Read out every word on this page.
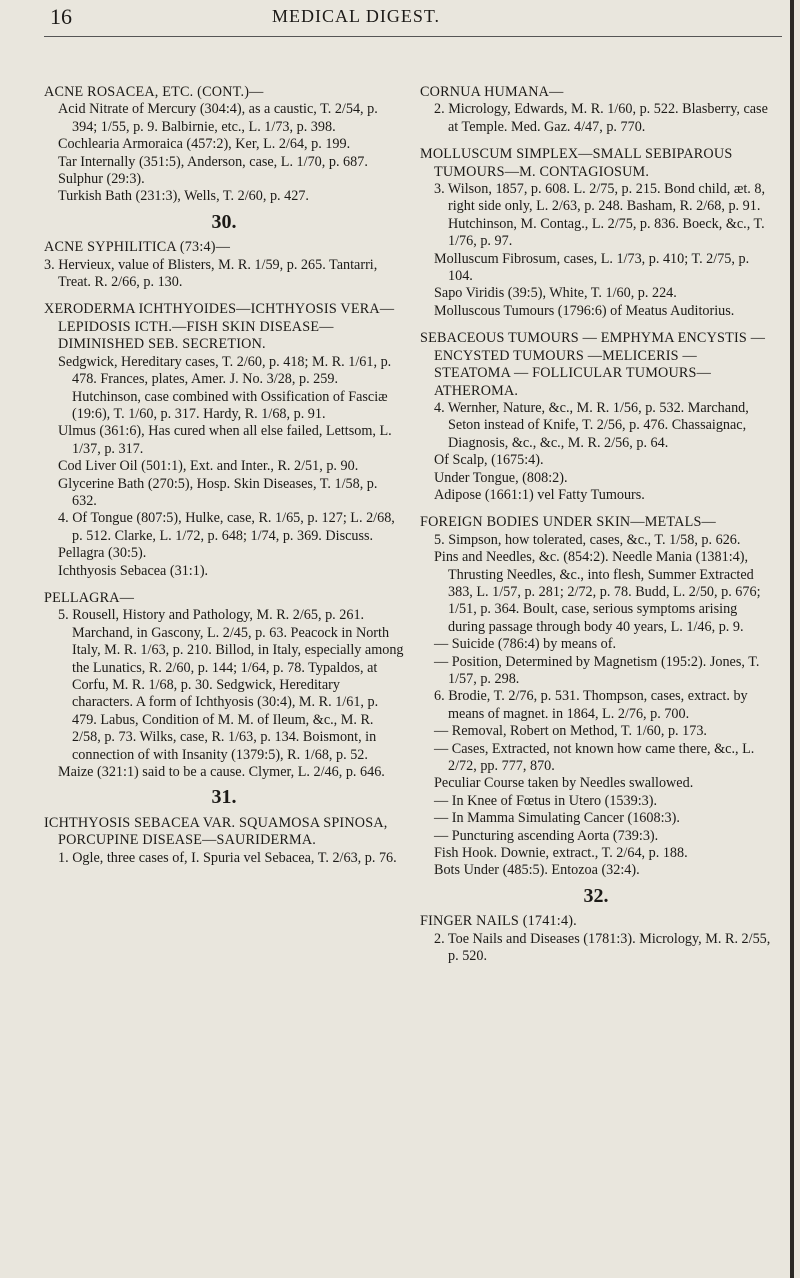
16	MEDICAL DIGEST.

ACNE ROSACEA, ETC. (CONT.)—

Acid Nitrate of Mercury (304:4), as a caustic, T. 2/54, p. 394; 1/55, p. 9. Balbirnie, etc., L. 1/73, p. 398.

Cochlearia Armoraica (457:2), Ker, L. 2/64, p. 199.

Tar Internally (351:5), Anderson, case, L. 1/70, p. 687.

Sulphur (29:3).

Turkish Bath (231:3), Wells, T. 2/60, p. 427.

30.

ACNE SYPHILITICA (73:4)—

3. Hervieux, value of Blisters, M. R. 1/59, p. 265. Tantarri, Treat. R. 2/66, p. 130.

XERODERMA ICHTHYOIDES—ICHTHYOSIS VERA—LEPIDOSIS ICTH.—FISH SKIN DISEASE—DIMINISHED SEB. SECRETION.

Sedgwick, Hereditary cases, T. 2/60, p. 418; M. R. 1/61, p. 478. Frances, plates, Amer. J. No. 3/28, p. 259. Hutchinson, case combined with Ossification of Fasciæ (19:6), T. 1/60, p. 317. Hardy, R. 1/68, p. 91.

Ulmus (361:6), Has cured when all else failed, Lettsom, L. 1/37, p. 317.

Cod Liver Oil (501:1), Ext. and Inter., R. 2/51, p. 90.

Glycerine Bath (270:5), Hosp. Skin Diseases, T. 1/58, p. 632.

4. Of Tongue (807:5), Hulke, case, R. 1/65, p. 127; L. 2/68, p. 512. Clarke, L. 1/72, p. 648; 1/74, p. 369. Discuss.

Pellagra (30:5).

Ichthyosis Sebacea (31:1).

PELLAGRA—

5. Rousell, History and Pathology, M. R. 2/65, p. 261. Marchand, in Gascony, L. 2/45, p. 63. Peacock in North Italy, M. R. 1/63, p. 210. Billod, in Italy, especially among the Lunatics, R. 2/60, p. 144; 1/64, p. 78. Typaldos, at Corfu, M. R. 1/68, p. 30. Sedgwick, Hereditary characters. A form of Ichthyosis (30:4), M. R. 1/61, p. 479. Labus, Condition of M. M. of Ileum, &c., M. R. 2/58, p. 73. Wilks, case, R. 1/63, p. 134. Boismont, in connection of with Insanity (1379:5), R. 1/68, p. 52.

Maize (321:1) said to be a cause. Clymer, L. 2/46, p. 646.

31.

ICHTHYOSIS SEBACEA VAR. SQUAMOSA SPINOSA, PORCUPINE DISEASE—SAURIDERMA.

1. Ogle, three cases of, I. Spuria vel Sebacea, T. 2/63, p. 76.

CORNUA HUMANA—

2. Micrology, Edwards, M. R. 1/60, p. 522. Blasberry, case at Temple. Med. Gaz. 4/47, p. 770.

MOLLUSCUM SIMPLEX—SMALL SEBIPAROUS TUMOURS—M. CONTAGIOSUM.

3. Wilson, 1857, p. 608. L. 2/75, p. 215. Bond child, æt. 8, right side only, L. 2/63, p. 248. Basham, R. 2/68, p. 91. Hutchinson, M. Contag., L. 2/75, p. 836. Boeck, &c., T. 1/76, p. 97.

Molluscum Fibrosum, cases, L. 1/73, p. 410; T. 2/75, p. 104.

Sapo Viridis (39:5), White, T. 1/60, p. 224.

Molluscous Tumours (1796:6) of Meatus Auditorius.

SEBACEOUS TUMOURS — EMPHYMA ENCYSTIS — ENCYSTED TUMOURS —MELICERIS — STEATOMA — FOLLICULAR TUMOURS—ATHEROMA.

4. Wernher, Nature, &c., M. R. 1/56, p. 532. Marchand, Seton instead of Knife, T. 2/56, p. 476. Chassaignac, Diagnosis, &c., &c., M. R. 2/56, p. 64.

Of Scalp, (1675:4).

Under Tongue, (808:2).

Adipose (1661:1) vel Fatty Tumours.

FOREIGN BODIES UNDER SKIN—METALS—

5. Simpson, how tolerated, cases, &c., T. 1/58, p. 626.

Pins and Needles, &c. (854:2). Needle Mania (1381:4), Thrusting Needles, &c., into flesh, Summer Extracted 383, L. 1/57, p. 281; 2/72, p. 78. Budd, L. 2/50, p. 676; 1/51, p. 364. Boult, case, serious symptoms arising during passage through body 40 years, L. 1/46, p. 9.

— Suicide (786:4) by means of.

— Position, Determined by Magnetism (195:2). Jones, T. 1/57, p. 298.

6. Brodie, T. 2/76, p. 531. Thompson, cases, extract. by means of magnet. in 1864, L. 2/76, p. 700.

— Removal, Robert on Method, T. 1/60, p. 173.

— Cases, Extracted, not known how came there, &c., L. 2/72, pp. 777, 870.

Peculiar Course taken by Needles swallowed.

— In Knee of Fœtus in Utero (1539:3).

— In Mamma Simulating Cancer (1608:3).

— Puncturing ascending Aorta (739:3).

Fish Hook. Downie, extract., T. 2/64, p. 188.

Bots Under (485:5). Entozoa (32:4).

32.

FINGER NAILS (1741:4).

2. Toe Nails and Diseases (1781:3). Micrology, M. R. 2/55, p. 520.
